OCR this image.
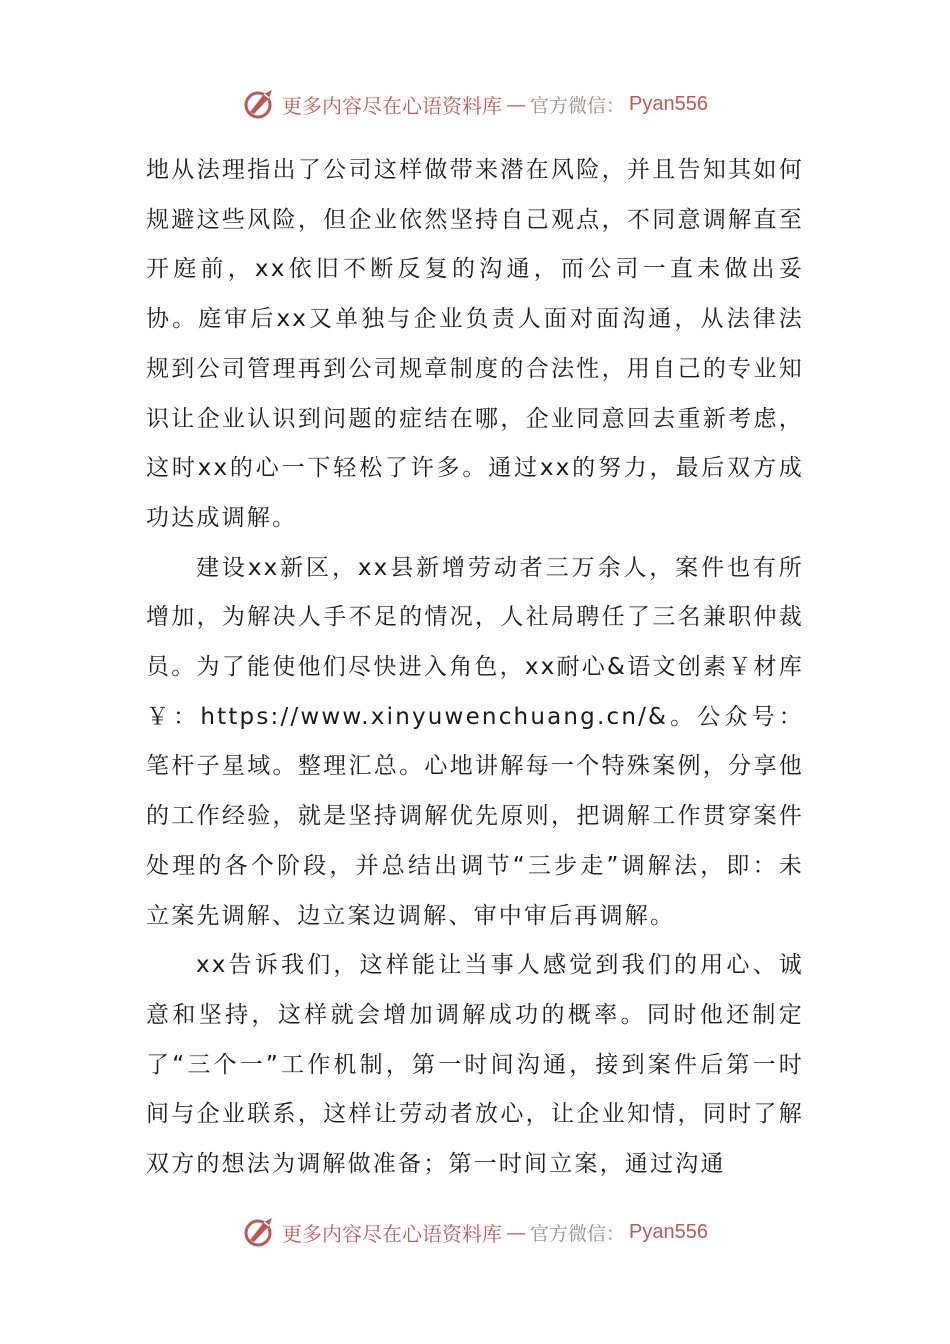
更多内容尽在心语资料库 — 官方微信： Pyan556

地从法理指出了公司这样做带来潜在风险，并且告知其如何规避这些风险，但企业依然坚持自己观点，不同意调解直至开庭前，xx依旧不断反复的沟通，而公司一直未做出妥协。庭审后xx又单独与企业负责人面对面沟通，从法律法规到公司管理再到公司规章制度的合法性，用自己的专业知识让企业认识到问题的症结在哪，企业同意回去重新考虑，这时xx的心一下轻松了许多。通过xx的努力，最后双方成功达成调解。

建设xx新区，xx县新增劳动者三万余人，案件也有所增加，为解决人手不足的情况，人社局聘任了三名兼职仲裁员。为了能使他们尽快进入角色，xx耐心&语文创素￥材库￥：https://www.xinyuwenchuang.cn/&。公众号：笔杆子星域。整理汇总。心地讲解每一个特殊案例，分享他的工作经验，就是坚持调解优先原则，把调解工作贯穿案件处理的各个阶段，并总结出调节“三步走”调解法，即：未立案先调解、边立案边调解、审中审后再调解。

xx告诉我们，这样能让当事人感觉到我们的用心、诚意和坚持，这样就会增加调解成功的概率。同时他还制定了“三个一”工作机制，第一时间沟通，接到案件后第一时间与企业联系，这样让劳动者放心，让企业知情，同时了解双方的想法为调解做准备；第一时间立案，通过沟通

更多内容尽在心语资料库 — 官方微信： Pyan556
